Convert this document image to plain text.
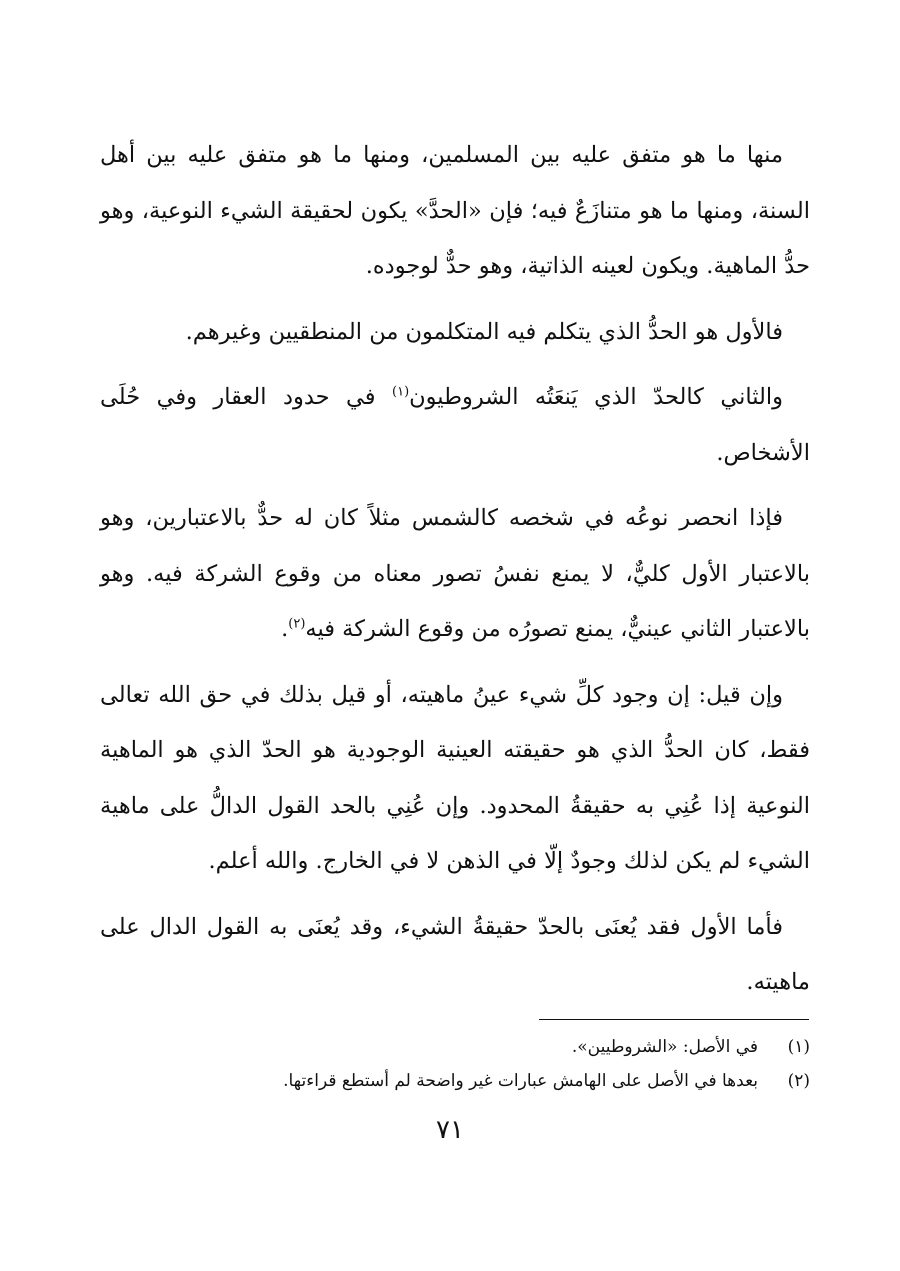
منها ما هو متفق عليه بين المسلمين، ومنها ما هو متفق عليه بين أهل السنة، ومنها ما هو متنازَعٌ فيه؛ فإن «الحدَّ» يكون لحقيقة الشيء النوعية، وهو حدُّ الماهية. ويكون لعينه الذاتية، وهو حدٌّ لوجوده.

فالأول هو الحدُّ الذي يتكلم فيه المتكلمون من المنطقيين وغيرهم.

والثاني كالحدّ الذي يَنعَتُه الشروطيون$^{(١)}$ في حدود العقار وفي حُلَى الأشخاص.

فإذا انحصر نوعُه في شخصه كالشمس مثلاً كان له حدٌّ بالاعتبارين، وهو بالاعتبار الأول كليٌّ، لا يمنع نفسُ تصور معناه من وقوع الشركة فيه. وهو بالاعتبار الثاني عينيٌّ، يمنع تصورُه من وقوع الشركة فيه$^{(٢)}$.

وإن قيل: إن وجود كلِّ شيء عينُ ماهيته، أو قيل بذلك في حق الله تعالى فقط، كان الحدُّ الذي هو حقيقته العينية الوجودية هو الحدّ الذي هو الماهية النوعية إذا عُنِي به حقيقةُ المحدود. وإن عُنِي بالحد القول الدالُّ على ماهية الشيء لم يكن لذلك وجودٌ إلّا في الذهن لا في الخارج. والله أعلم.

فأما الأول فقد يُعنَى بالحدّ حقيقةُ الشيء، وقد يُعنَى به القول الدال على ماهيته.

(١)
في الأصل: «الشروطيين».
(٢)
بعدها في الأصل على الهامش عبارات غير واضحة لم أستطع قراءتها.
٧١
